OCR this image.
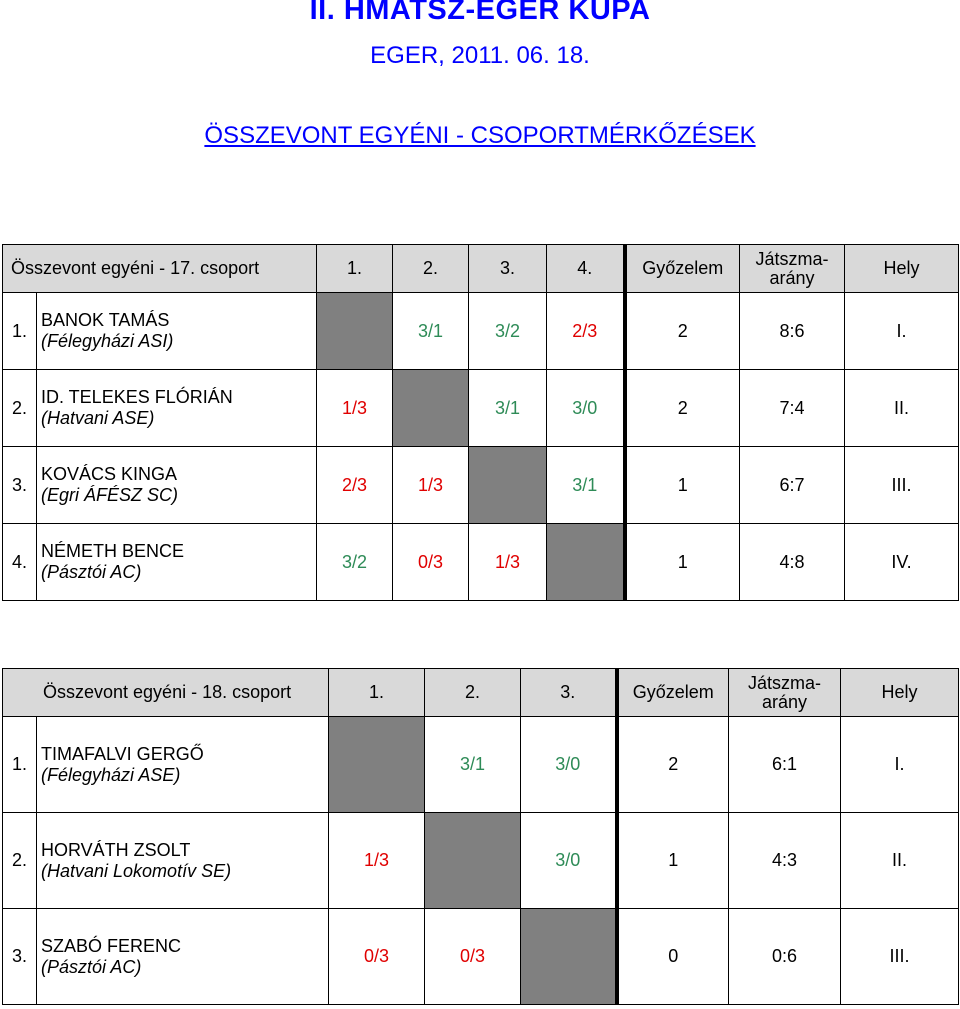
II. HMATSZ-EGER KUPA
EGER, 2011. 06. 18.
ÖSSZEVONT EGYÉNI - CSOPORTMÉRKŐZÉSEK
Összevont egyéni - 17. csoport		1.	2.	3.	4.	Győzelem	Játszma-
arány	Hely
1.	BANOK TAMÁS
(Félegyházi ASI)		3/1	3/2	2/3	2	8:6	I.
2.	ID. TELEKES FLÓRIÁN
(Hatvani ASE)	1/3		3/1	3/0	2	7:4	II.
3.	KOVÁCS KINGA
(Egri ÁFÉSZ SC)	2/3	1/3		3/1	1	6:7	III.
4.	NÉMETH BENCE
(Pásztói AC)	3/2	0/3	1/3		1	4:8	IV.
Összevont egyéni - 18. csoport		1.	2.	3.	Győzelem	Játszma-
arány	Hely
1.	TIMAFALVI GERGŐ
(Félegyházi ASE)		3/1	3/0	2	6:1	I.
2.	HORVÁTH ZSOLT
(Hatvani Lokomotív SE)	1/3		3/0	1	4:3	II.
3.	SZABÓ FERENC
(Pásztói AC)	0/3	0/3		0	0:6	III.
